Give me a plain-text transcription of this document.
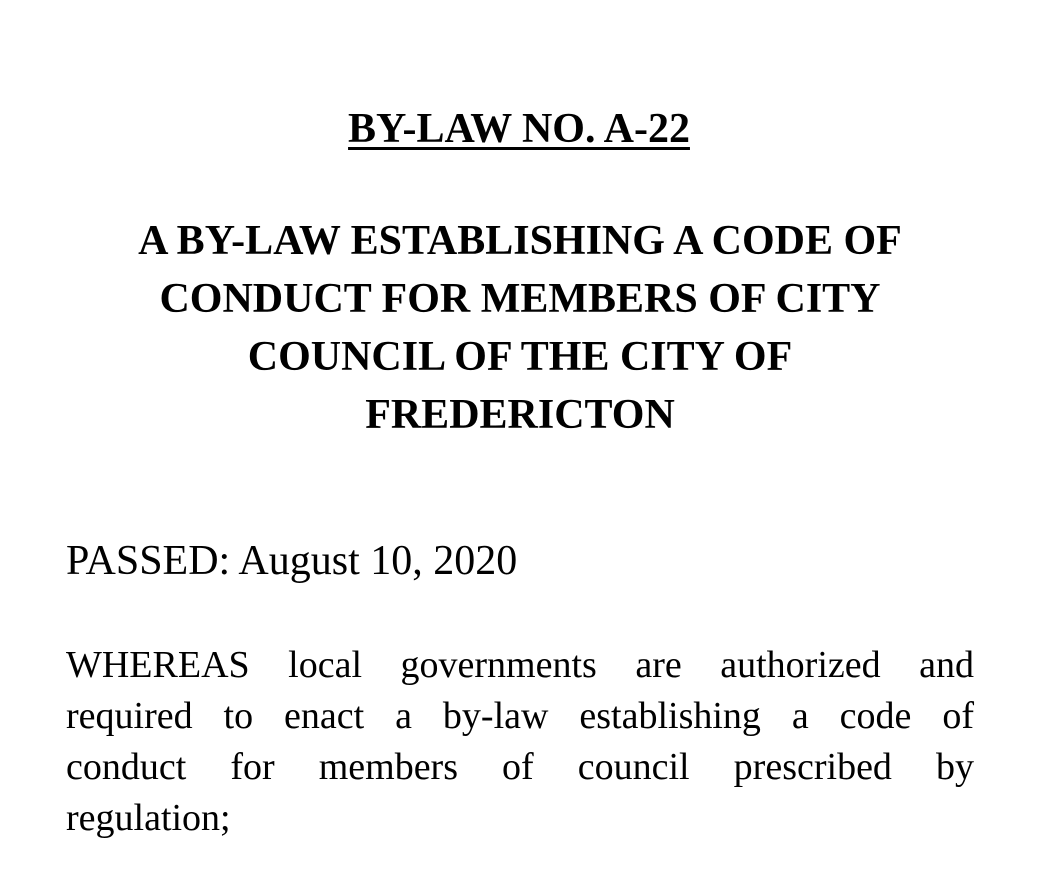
BY-LAW NO. A-22
A BY-LAW ESTABLISHING A CODE OF
CONDUCT FOR MEMBERS OF CITY
COUNCIL OF THE CITY OF
FREDERICTON

PASSED: August 10, 2020

WHEREAS local governments are authorized and
required to enact a by-law establishing a code of
conduct for members of council prescribed by
regulation;
